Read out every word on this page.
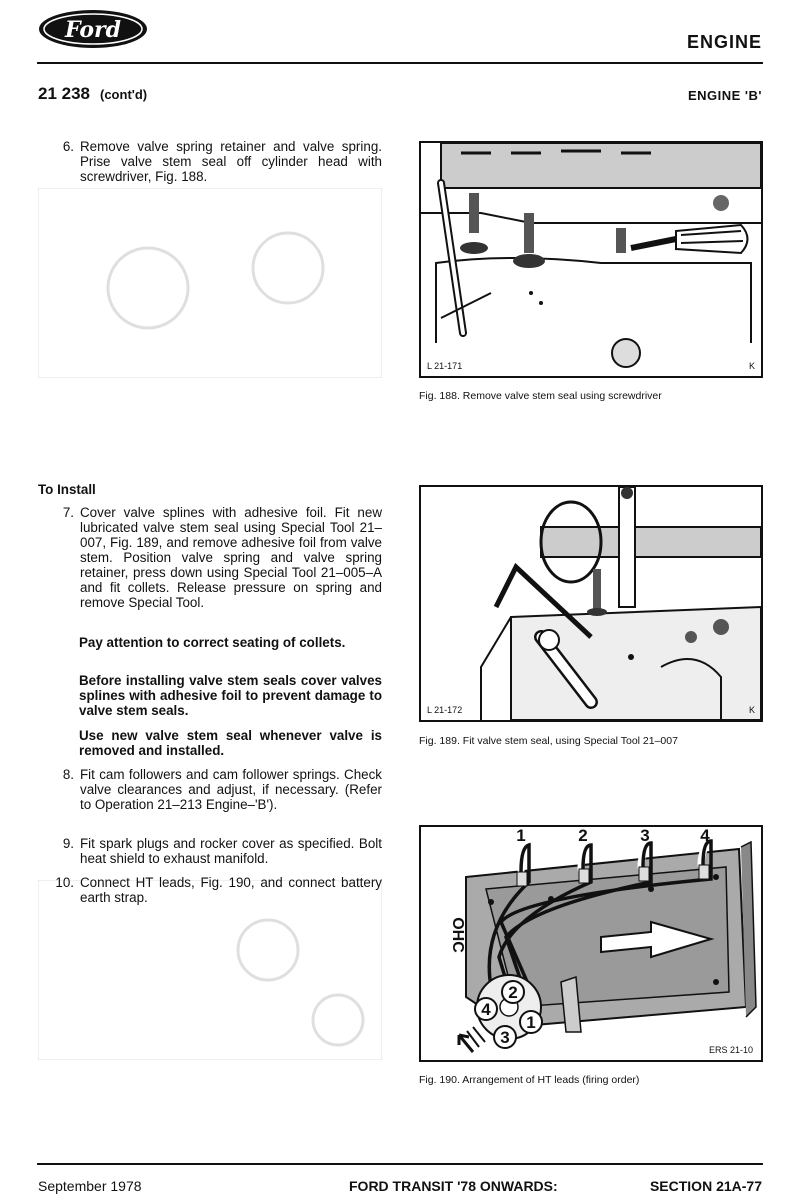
Ford	ENGINE
21 238 (cont'd)	ENGINE 'B'
6. Remove valve spring retainer and valve spring. Prise valve stem seal off cylinder head with screwdriver, Fig. 188.
To Install
7. Cover valve splines with adhesive foil. Fit new lubricated valve stem seal using Special Tool 21–007, Fig. 189, and remove adhesive foil from valve stem. Position valve spring and valve spring retainer, press down using Special Tool 21–005–A and fit collets. Release pressure on spring and remove Special Tool.
Pay attention to correct seating of collets.
Before installing valve stem seals cover valves splines with adhesive foil to prevent damage to valve stem seals.
Use new valve stem seal whenever valve is removed and installed.
8. Fit cam followers and cam follower springs. Check valve clearances and adjust, if necessary. (Refer to Operation 21–213 Engine–'B').
9. Fit spark plugs and rocker cover as specified. Bolt heat shield to exhaust manifold.
10. Connect HT leads, Fig. 190, and connect battery earth strap.
L 21-171	K
Fig. 188. Remove valve stem seal using screwdriver
L 21-172	K
Fig. 189. Fit valve stem seal, using Special Tool 21–007
1	2	3	4
4
2
1
3
OHC
ERS 21-10
Fig. 190. Arrangement of HT leads (firing order)
September 1978	FORD TRANSIT '78 ONWARDS:	SECTION 21A-77
